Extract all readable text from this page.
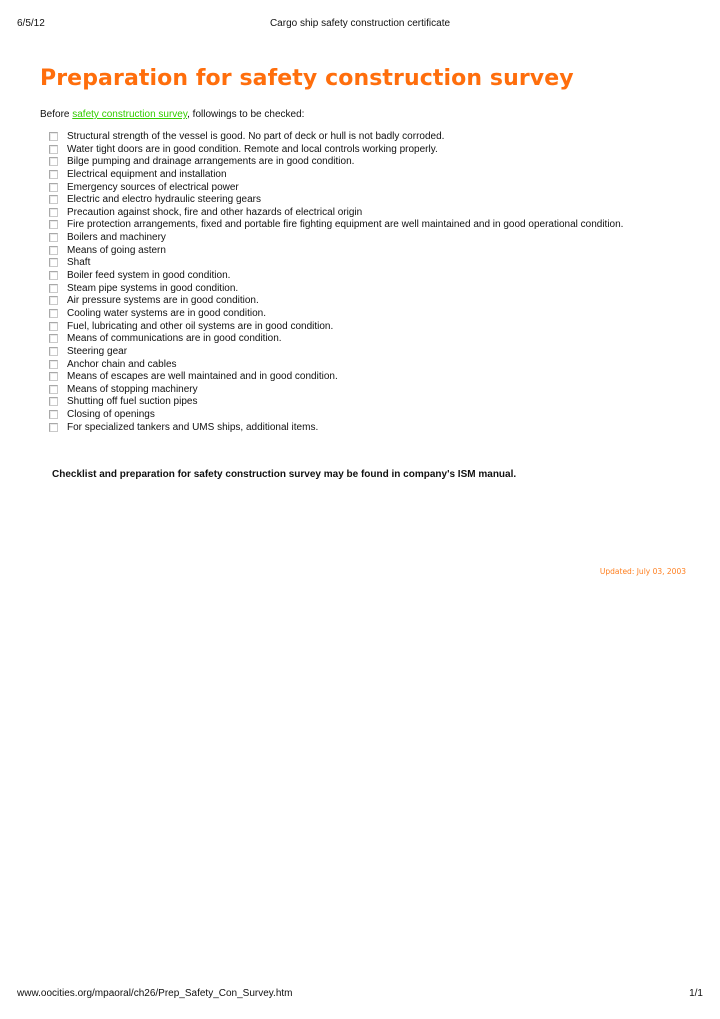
6/5/12	Cargo ship safety construction certificate
Preparation for safety construction survey
Before safety construction survey, followings to be checked:
Structural strength of the vessel is good. No part of deck or hull is not badly corroded.
Water tight doors are in good condition. Remote and local controls working properly.
Bilge pumping and drainage arrangements are in good condition.
Electrical equipment and installation
Emergency sources of electrical power
Electric and electro hydraulic steering gears
Precaution against shock, fire and other hazards of electrical origin
Fire protection arrangements, fixed and portable fire fighting equipment are well maintained and in good operational condition.
Boilers and machinery
Means of going astern
Shaft
Boiler feed system in good condition.
Steam pipe systems in good condition.
Air pressure systems are in good condition.
Cooling water systems are in good condition.
Fuel, lubricating and other oil systems are in good condition.
Means of communications are in good condition.
Steering gear
Anchor chain and cables
Means of escapes are well maintained and in good condition.
Means of stopping machinery
Shutting off fuel suction pipes
Closing of openings
For specialized tankers and UMS ships, additional items.
Checklist and preparation for safety construction survey may be found in company's ISM manual.
Updated: July 03, 2003
www.oocities.org/mpaoral/ch26/Prep_Safety_Con_Survey.htm	1/1
